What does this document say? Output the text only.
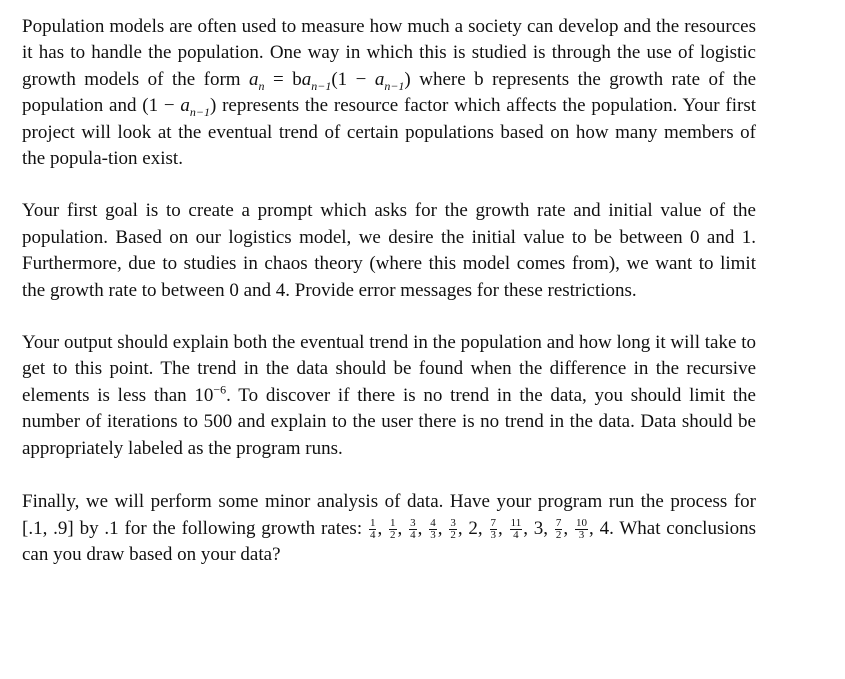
Population models are often used to measure how much a society can develop and the resources it has to handle the population. One way in which this is studied is through the use of logistic growth models of the form $a_n = ba_{n-1}(1 - a_{n-1})$ where b represents the growth rate of the population and $(1 - a_{n-1})$ represents the resource factor which affects the population. Your first project will look at the eventual trend of certain populations based on how many members of the popula-tion exist.

Your first goal is to create a prompt which asks for the growth rate and initial value of the population. Based on our logistics model, we desire the initial value to be between 0 and 1. Furthermore, due to studies in chaos theory (where this model comes from), we want to limit the growth rate to between 0 and 4. Provide error messages for these restrictions.

Your output should explain both the eventual trend in the population and how long it will take to get to this point. The trend in the data should be found when the difference in the recursive elements is less than $10^{-6}$. To discover if there is no trend in the data, you should limit the number of iterations to 500 and explain to the user there is no trend in the data. Data should be appropriately labeled as the program runs.

Finally, we will perform some minor analysis of data. Have your program run the process for [.1, .9] by .1 for the following growth rates: $\frac{1}{4}$ , $\frac{1}{2}$ , $\frac{3}{4}$ , $\frac{4}{3}$ , $\frac{3}{2}$ , 2, $\frac{7}{3}$ , $\frac{11}{4}$ , 3, $\frac{7}{2}$ , $\frac{10}{3}$ , 4. What conclusions can you draw based on your data?
